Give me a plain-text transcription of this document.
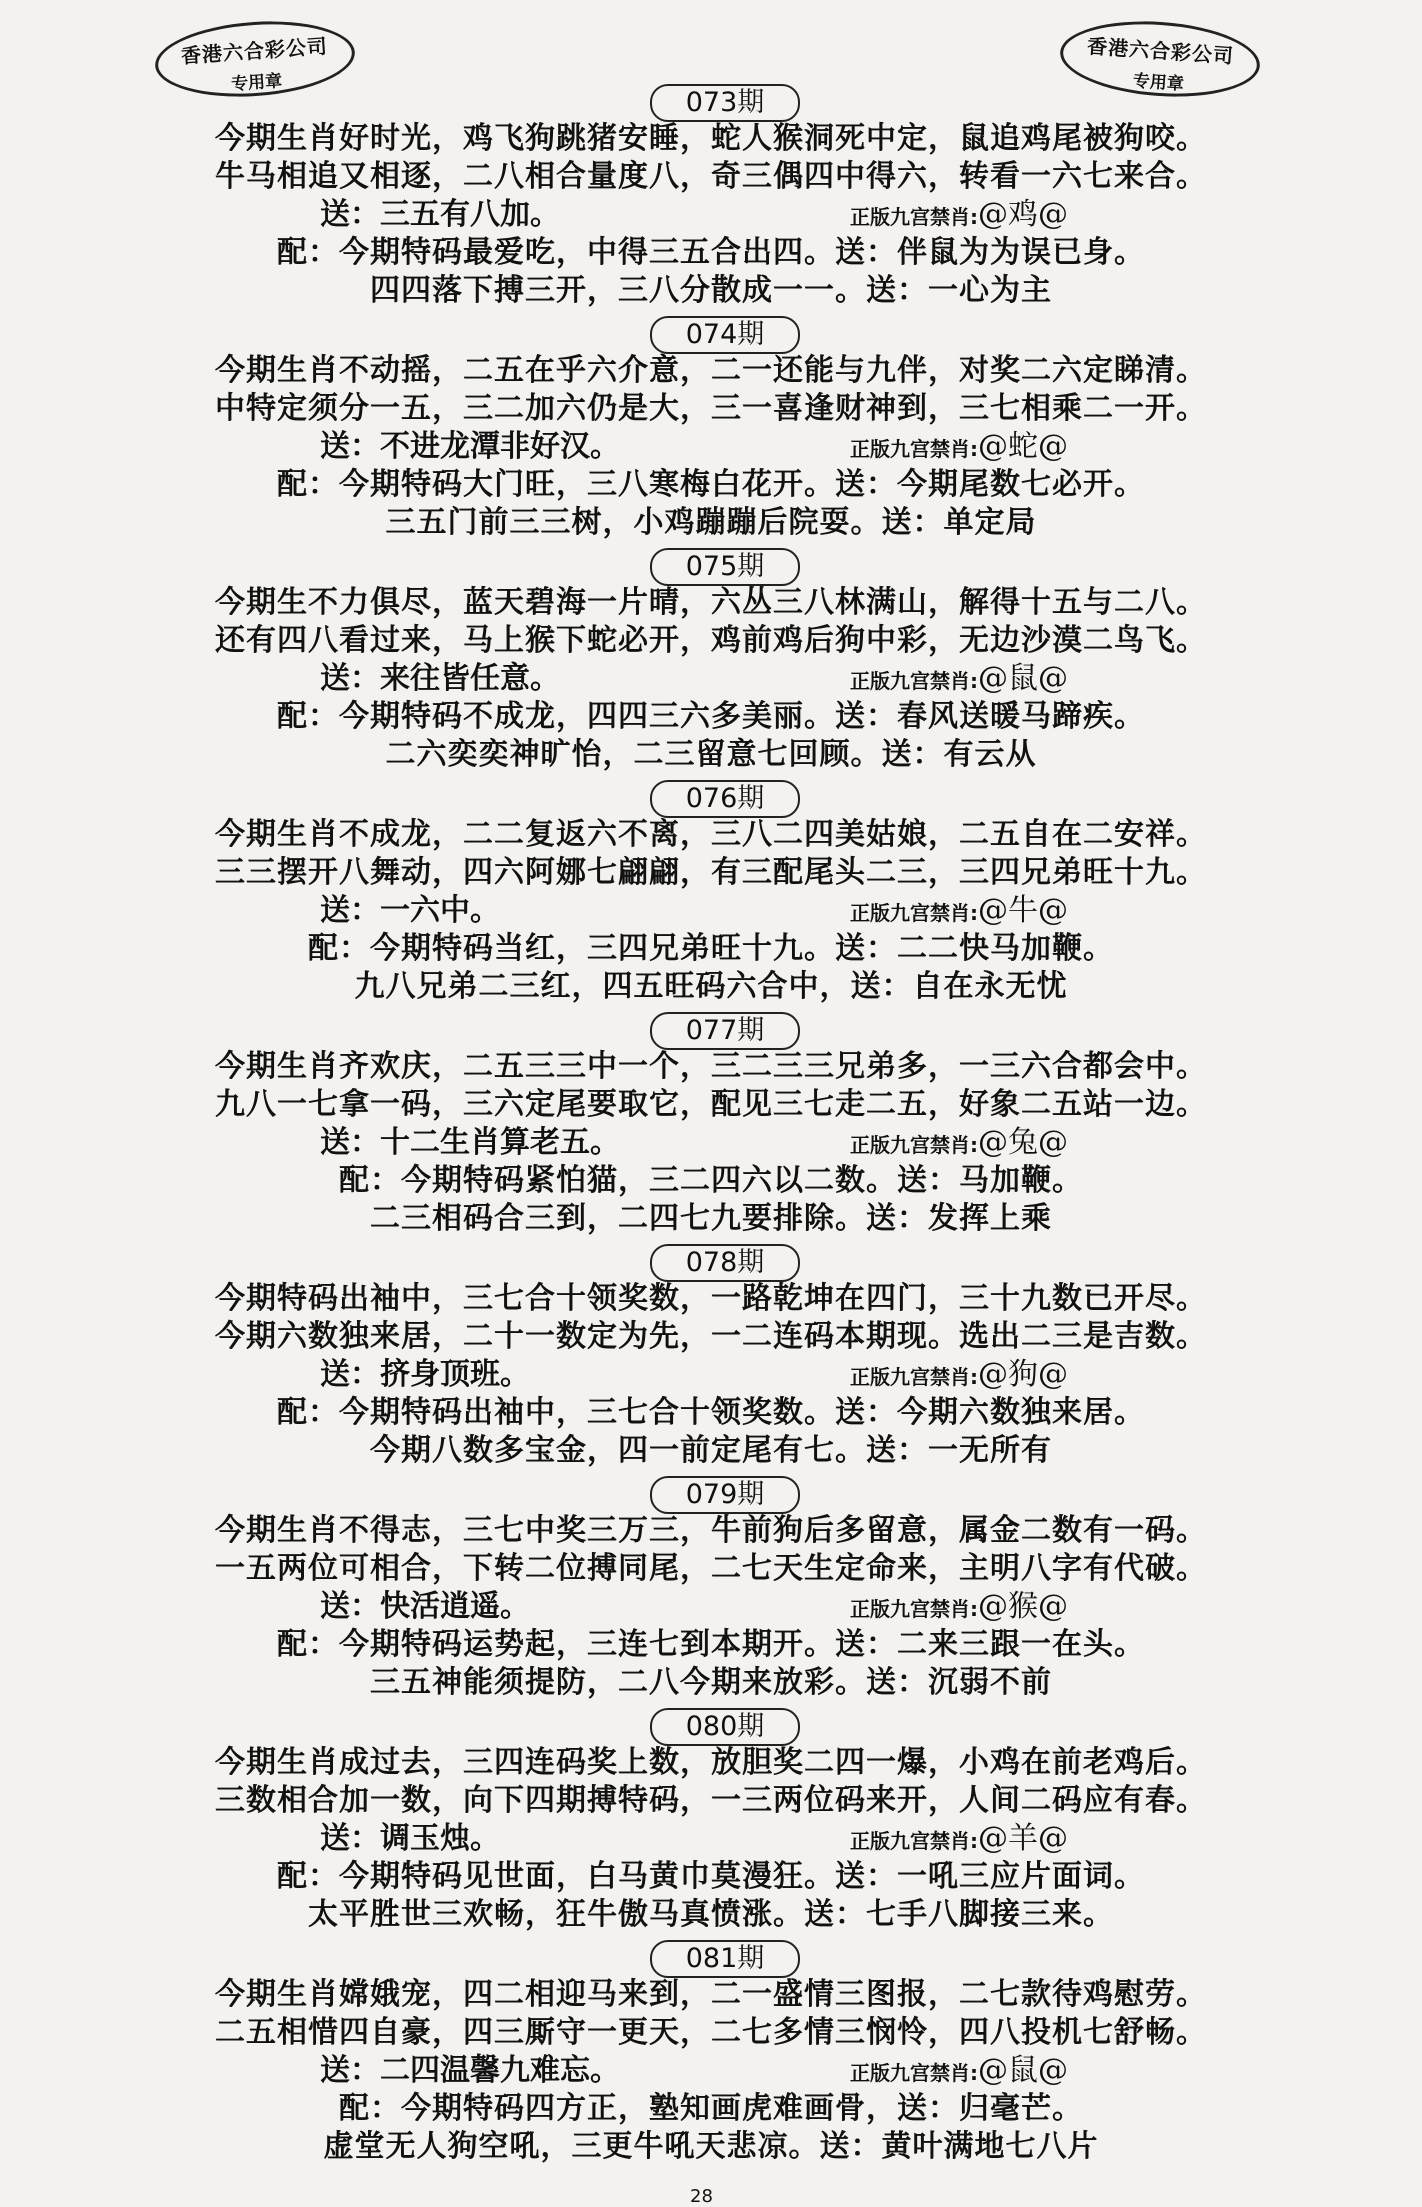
香港六合彩公司
专用章
香港六合彩公司
专用章
073期
今期生肖好时光，鸡飞狗跳猪安睡，蛇人猴洞死中定，鼠追鸡尾被狗咬。
牛马相追又相逐，二八相合量度八，奇三偶四中得六，转看一六七来合。
送：三五有八加。	正版九宫禁肖:@鸡@
配：今期特码最爱吃，中得三五合出四。送：伴鼠为为误已身。
四四落下搏三开，三八分散成一一。送：一心为主
074期
今期生肖不动摇，二五在乎六介意，二一还能与九伴，对奖二六定睇清。
中特定须分一五，三二加六仍是大，三一喜逢财神到，三七相乘二一开。
送：不进龙潭非好汉。	正版九宫禁肖:@蛇@
配：今期特码大门旺，三八寒梅白花开。送：今期尾数七必开。
三五门前三三树，小鸡蹦蹦后院耍。送：单定局
075期
今期生不力俱尽，蓝天碧海一片晴，六丛三八林满山，解得十五与二八。
还有四八看过来，马上猴下蛇必开，鸡前鸡后狗中彩，无边沙漠二鸟飞。
送：来往皆任意。	正版九宫禁肖:@鼠@
配：今期特码不成龙，四四三六多美丽。送：春风送暖马蹄疾。
二六奕奕神旷怡，二三留意七回顾。送：有云从
076期
今期生肖不成龙，二二复返六不离，三八二四美姑娘，二五自在二安祥。
三三摆开八舞动，四六阿娜七翩翩，有三配尾头二三，三四兄弟旺十九。
送：一六中。	正版九宫禁肖:@牛@
配：今期特码当红，三四兄弟旺十九。送：二二快马加鞭。
九八兄弟二三红，四五旺码六合中，送：自在永无忧
077期
今期生肖齐欢庆，二五三三中一个，三二三三兄弟多，一三六合都会中。
九八一七拿一码，三六定尾要取它，配见三七走二五，好象二五站一边。
送：十二生肖算老五。	正版九宫禁肖:@兔@
配：今期特码紧怕猫，三二四六以二数。送：马加鞭。
二三相码合三到，二四七九要排除。送：发挥上乘
078期
今期特码出袖中，三七合十领奖数，一路乾坤在四门，三十九数已开尽。
今期六数独来居，二十一数定为先，一二连码本期现。选出二三是吉数。
送：挤身顶班。	正版九宫禁肖:@狗@
配：今期特码出袖中，三七合十领奖数。送：今期六数独来居。
今期八数多宝金，四一前定尾有七。送：一无所有
079期
今期生肖不得志，三七中奖三万三，牛前狗后多留意，属金二数有一码。
一五两位可相合，下转二位搏同尾，二七天生定命来，主明八字有代破。
送：快活逍遥。	正版九宫禁肖:@猴@
配：今期特码运势起，三连七到本期开。送：二来三跟一在头。
三五神能须提防，二八今期来放彩。送：沉弱不前
080期
今期生肖成过去，三四连码奖上数，放胆奖二四一爆，小鸡在前老鸡后。
三数相合加一数，向下四期搏特码，一三两位码来开，人间二码应有春。
送：调玉烛。	正版九宫禁肖:@羊@
配：今期特码见世面，白马黄巾莫漫狂。送：一吼三应片面词。
太平胜世三欢畅，狂牛傲马真愤涨。送：七手八脚接三来。
081期
今期生肖嫦娥宠，四二相迎马来到，二一盛情三图报，二七款待鸡慰劳。
二五相惜四自豪，四三厮守一更天，二七多情三悯怜，四八投机七舒畅。
送：二四温馨九难忘。	正版九宫禁肖:@鼠@
配：今期特码四方正，塾知画虎难画骨，送：归毫芒。
虚堂无人狗空吼，三更牛吼天悲凉。送：黄叶满地七八片
28
